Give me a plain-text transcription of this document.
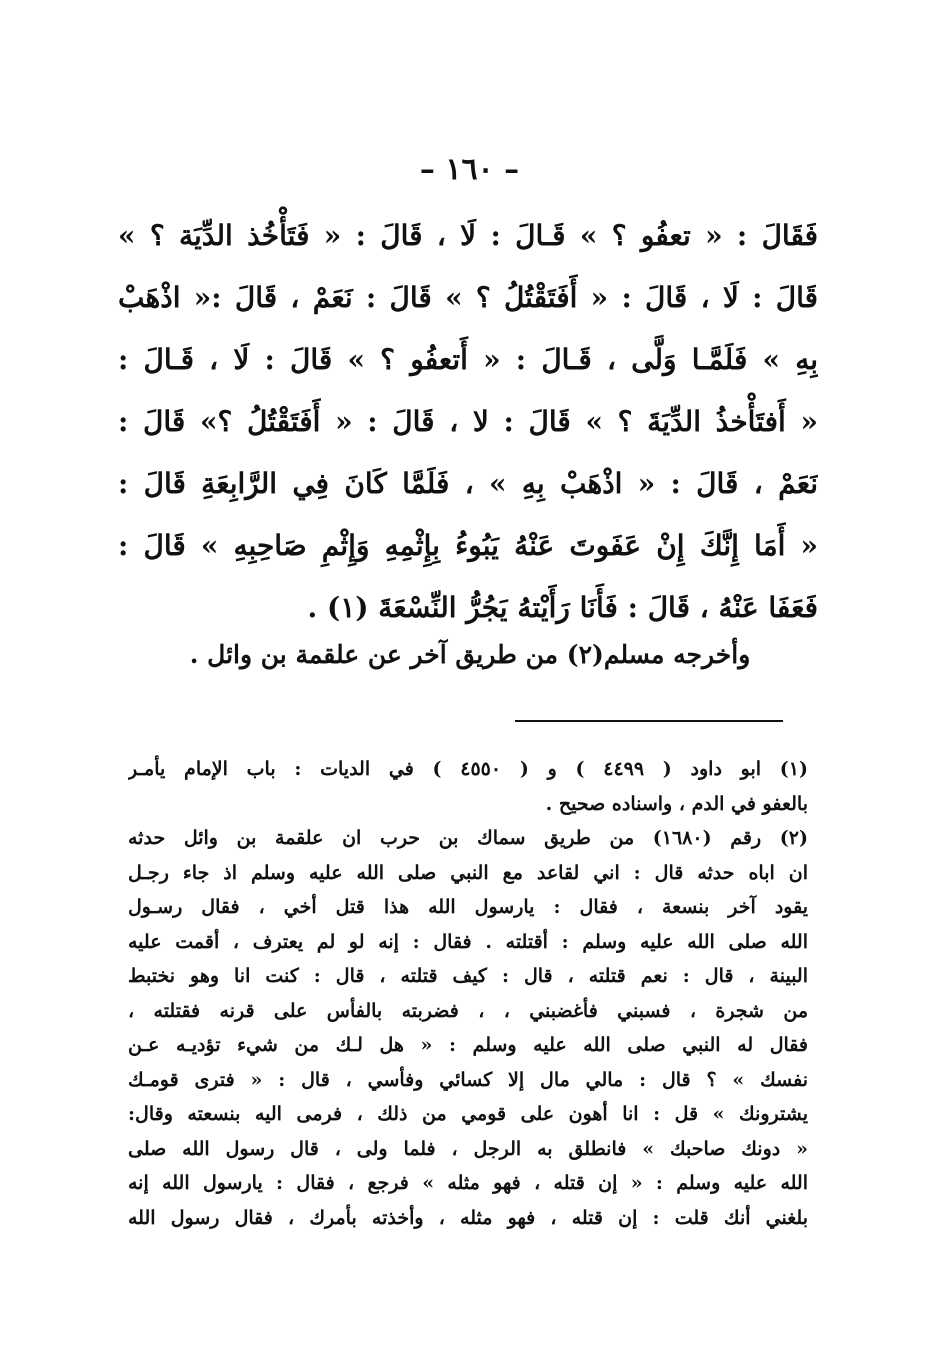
– ١٦٠ –
فَقَالَ : « تعفُو ؟ » قَـالَ : لَا ، قَالَ : « فَتَأْخُذ الدِّيَة ؟ »
قَالَ : لَا ، قَالَ : « أَفَتَقْتُلُ ؟ » قَالَ : نَعَمْ ، قَالَ :« اذْهَبْ
بِهِ » فَلَمَّـا وَلَّى ، قَـالَ : « أَتعفُو ؟ » قَالَ : لَا ، قَـالَ :
« أَفتَأْخذُ الدِّيَةَ ؟ » قَالَ : لا ، قَالَ : « أَفَتَقْتُلُ ؟» قَالَ :
نَعَمْ ، قَالَ : « اذْهَبْ بِهِ » ، فَلَمَّا كَانَ فِي الرَّابِعَةِ قَالَ :
« أَمَا إِنَّكَ إِنْ عَفَوتَ عَنْهُ يَبُوءُ بِإِثْمِهِ وَإِثْمِ صَاحِبِهِ » قَالَ :
فَعَفَا عَنْهُ ، قَالَ : فَأَنَا رَأَيْتهُ يَجُرُّ النِّسْعَةَ (١) .
وأخرجه مسلم(٢) من طريق آخر عن علقمة بن وائل .
(١) ابو داود ( ٤٤٩٩ ) و ( ٤٥٥٠ ) في الديات : باب الإمام يأمـر
بالعفو في الدم ، واسناده صحيح .
(٢) رقم (١٦٨٠) من طريق سماك بن حرب ان علقمة بن وائل حدثه
ان اباه حدثه قال : اني لقاعد مع النبي صلى الله عليه وسلم اذ جاء رجـل
يقود آخر بنسعة ، فقال : يارسول الله هذا قتل أخي ، فقال رسـول
الله صلى الله عليه وسلم : أقتلته . فقال : إنه لو لم يعترف ، أقمت عليه
البينة ، قال : نعم قتلته ، قال : كيف قتلته ، قال : كنت انا وهو نختبط
من شجرة ، فسبني فأغضبني ، ، فضربته بالفأس على قرنه فقتلته ،
فقال له النبي صلى الله عليه وسلم : « هل لـك من شيء تؤديـه عـن
نفسك » ؟ قال : مالي مال إلا كسائي وفأسي ، قال : « فترى قومـك
يشترونك » قل : انا أهون على قومي من ذلك ، فرمى اليه بنسعته وقال:
« دونك صاحبك » فانطلق به الرجل ، فلما ولى ، قال رسول الله صلى
الله عليه وسلم : « إن قتله ، فهو مثله » فرجع ، فقال : يارسول الله إنه
بلغني أنك قلت : إن قتله ، فهو مثله ، وأخذته بأمرك ، فقال رسول الله
